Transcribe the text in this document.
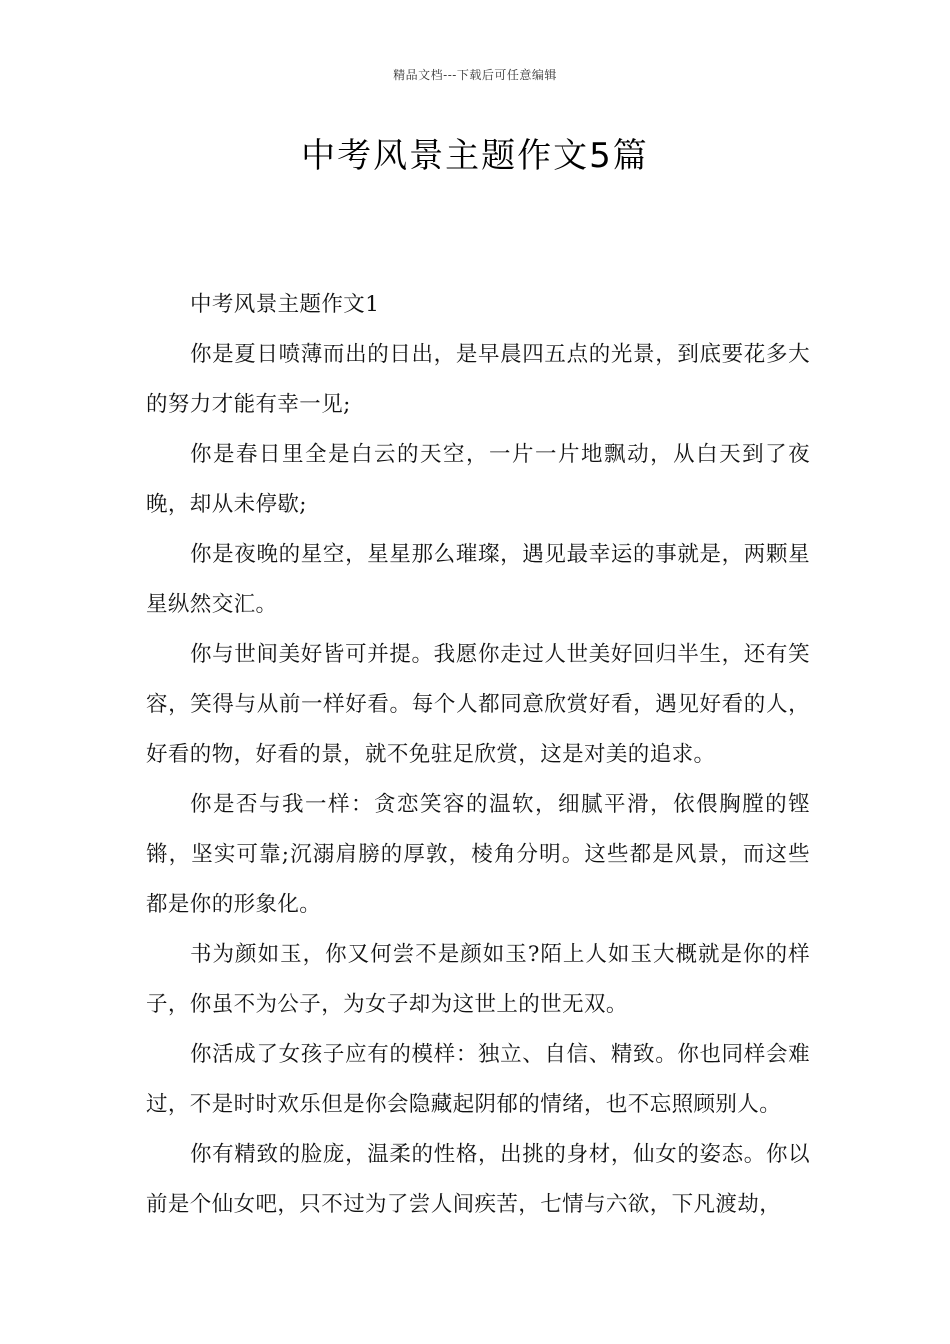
精品文档---下载后可任意编辑
中考风景主题作文5篇

中考风景主题作文1

你是夏日喷薄而出的日出，是早晨四五点的光景，到底要花多大的努力才能有幸一见;

你是春日里全是白云的天空，一片一片地飘动，从白天到了夜晚，却从未停歇;

你是夜晚的星空，星星那么璀璨，遇见最幸运的事就是，两颗星星纵然交汇。

你与世间美好皆可并提。我愿你走过人世美好回归半生，还有笑容，笑得与从前一样好看。每个人都同意欣赏好看，遇见好看的人，好看的物，好看的景，就不免驻足欣赏，这是对美的追求。

你是否与我一样：贪恋笑容的温软，细腻平滑，依偎胸膛的铿锵，坚实可靠;沉溺肩膀的厚敦，棱角分明。这些都是风景，而这些都是你的形象化。

书为颜如玉，你又何尝不是颜如玉?陌上人如玉大概就是你的样子，你虽不为公子，为女子却为这世上的世无双。

你活成了女孩子应有的模样：独立、自信、精致。你也同样会难过，不是时时欢乐但是你会隐藏起阴郁的情绪，也不忘照顾别人。

你有精致的脸庞，温柔的性格，出挑的身材，仙女的姿态。你以前是个仙女吧，只不过为了尝人间疾苦，七情与六欲，下凡渡劫，
